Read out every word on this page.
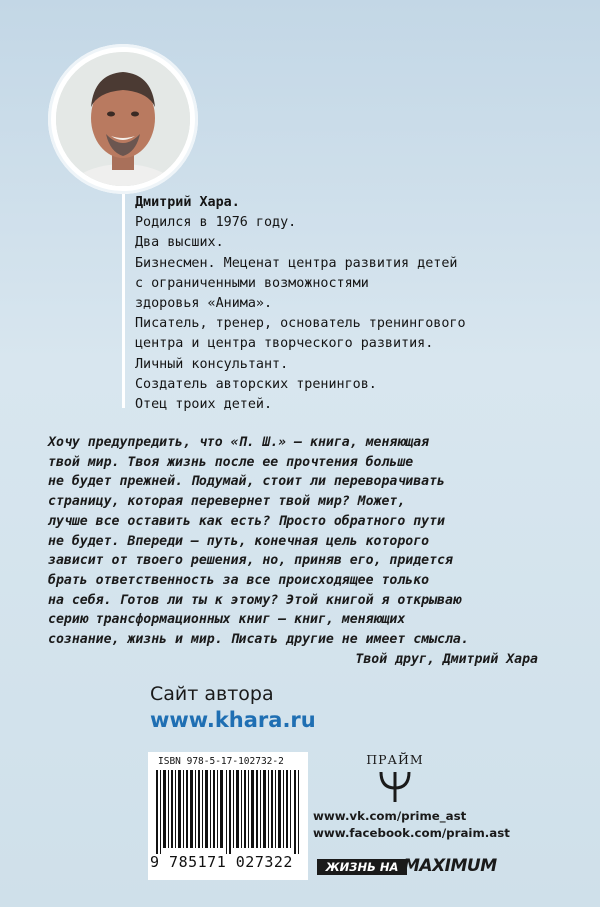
Дмитрий Хара.
Родился в 1976 году.
Два высших.
Бизнесмен. Меценат центра развития детей
с ограниченными возможностями
здоровья «Анима».
Писатель, тренер, основатель тренингового
центра и центра творческого развития.
Личный консультант.
Создатель авторских тренингов.
Отец троих детей.
Хочу предупредить, что «П. Ш.» — книга, меняющая
твой мир. Твоя жизнь после ее прочтения больше
не будет прежней. Подумай, стоит ли переворачивать
страницу, которая перевернет твой мир? Может,
лучше все оставить как есть? Просто обратного пути
не будет. Впереди — путь, конечная цель которого
зависит от твоего решения, но, приняв его, придется
брать ответственность за все происходящее только
на себя. Готов ли ты к этому? Этой книгой я открываю
серию трансформационных книг — книг, меняющих
сознание, жизнь и мир. Писать другие не имеет смысла.
Твой друг, Дмитрий Хара
Сайт автора
www.khara.ru
ISBN 978-5-17-102732-2
9 785171 027322
ПРАЙМ
www.vk.com/prime_ast
www.facebook.com/praim.ast
ЖИЗНЬ НА MAXIMUM
